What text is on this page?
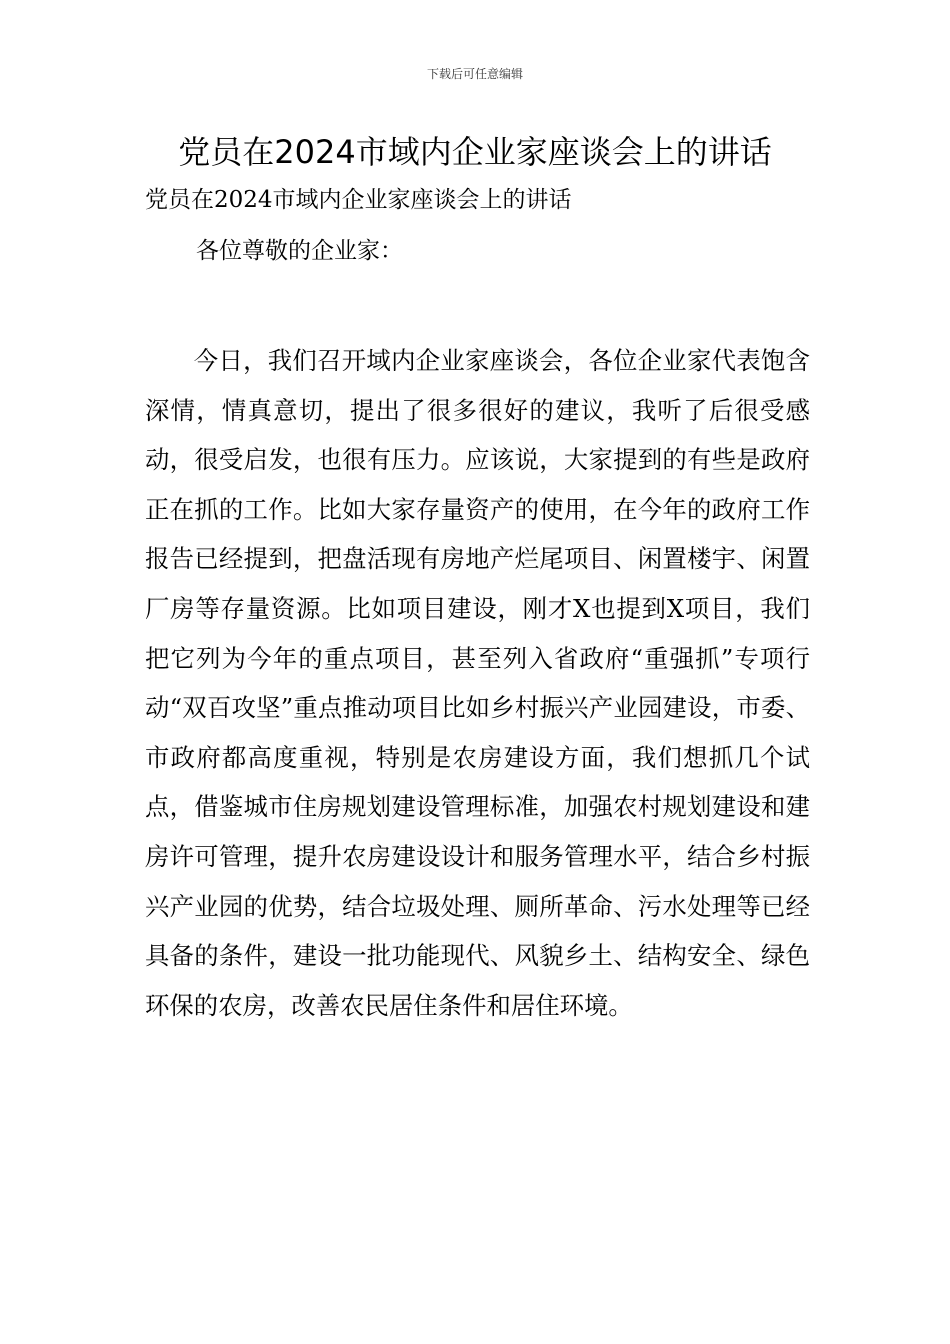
下载后可任意编辑
党员在2024市域内企业家座谈会上的讲话
党员在2024市域内企业家座谈会上的讲话
各位尊敬的企业家：

今日，我们召开域内企业家座谈会，各位企业家代表饱含深情，情真意切，提出了很多很好的建议，我听了后很受感动，很受启发，也很有压力。应该说，大家提到的有些是政府正在抓的工作。比如大家存量资产的使用，在今年的政府工作报告已经提到，把盘活现有房地产烂尾项目、闲置楼宇、闲置厂房等存量资源。比如项目建设，刚才X也提到X项目，我们把它列为今年的重点项目，甚至列入省政府“重强抓”专项行动“双百攻坚”重点推动项目比如乡村振兴产业园建设，市委、市政府都高度重视，特别是农房建设方面，我们想抓几个试点，借鉴城市住房规划建设管理标准，加强农村规划建设和建房许可管理，提升农房建设设计和服务管理水平，结合乡村振兴产业园的优势，结合垃圾处理、厕所革命、污水处理等已经具备的条件，建设一批功能现代、风貌乡土、结构安全、绿色环保的农房，改善农民居住条件和居住环境。
